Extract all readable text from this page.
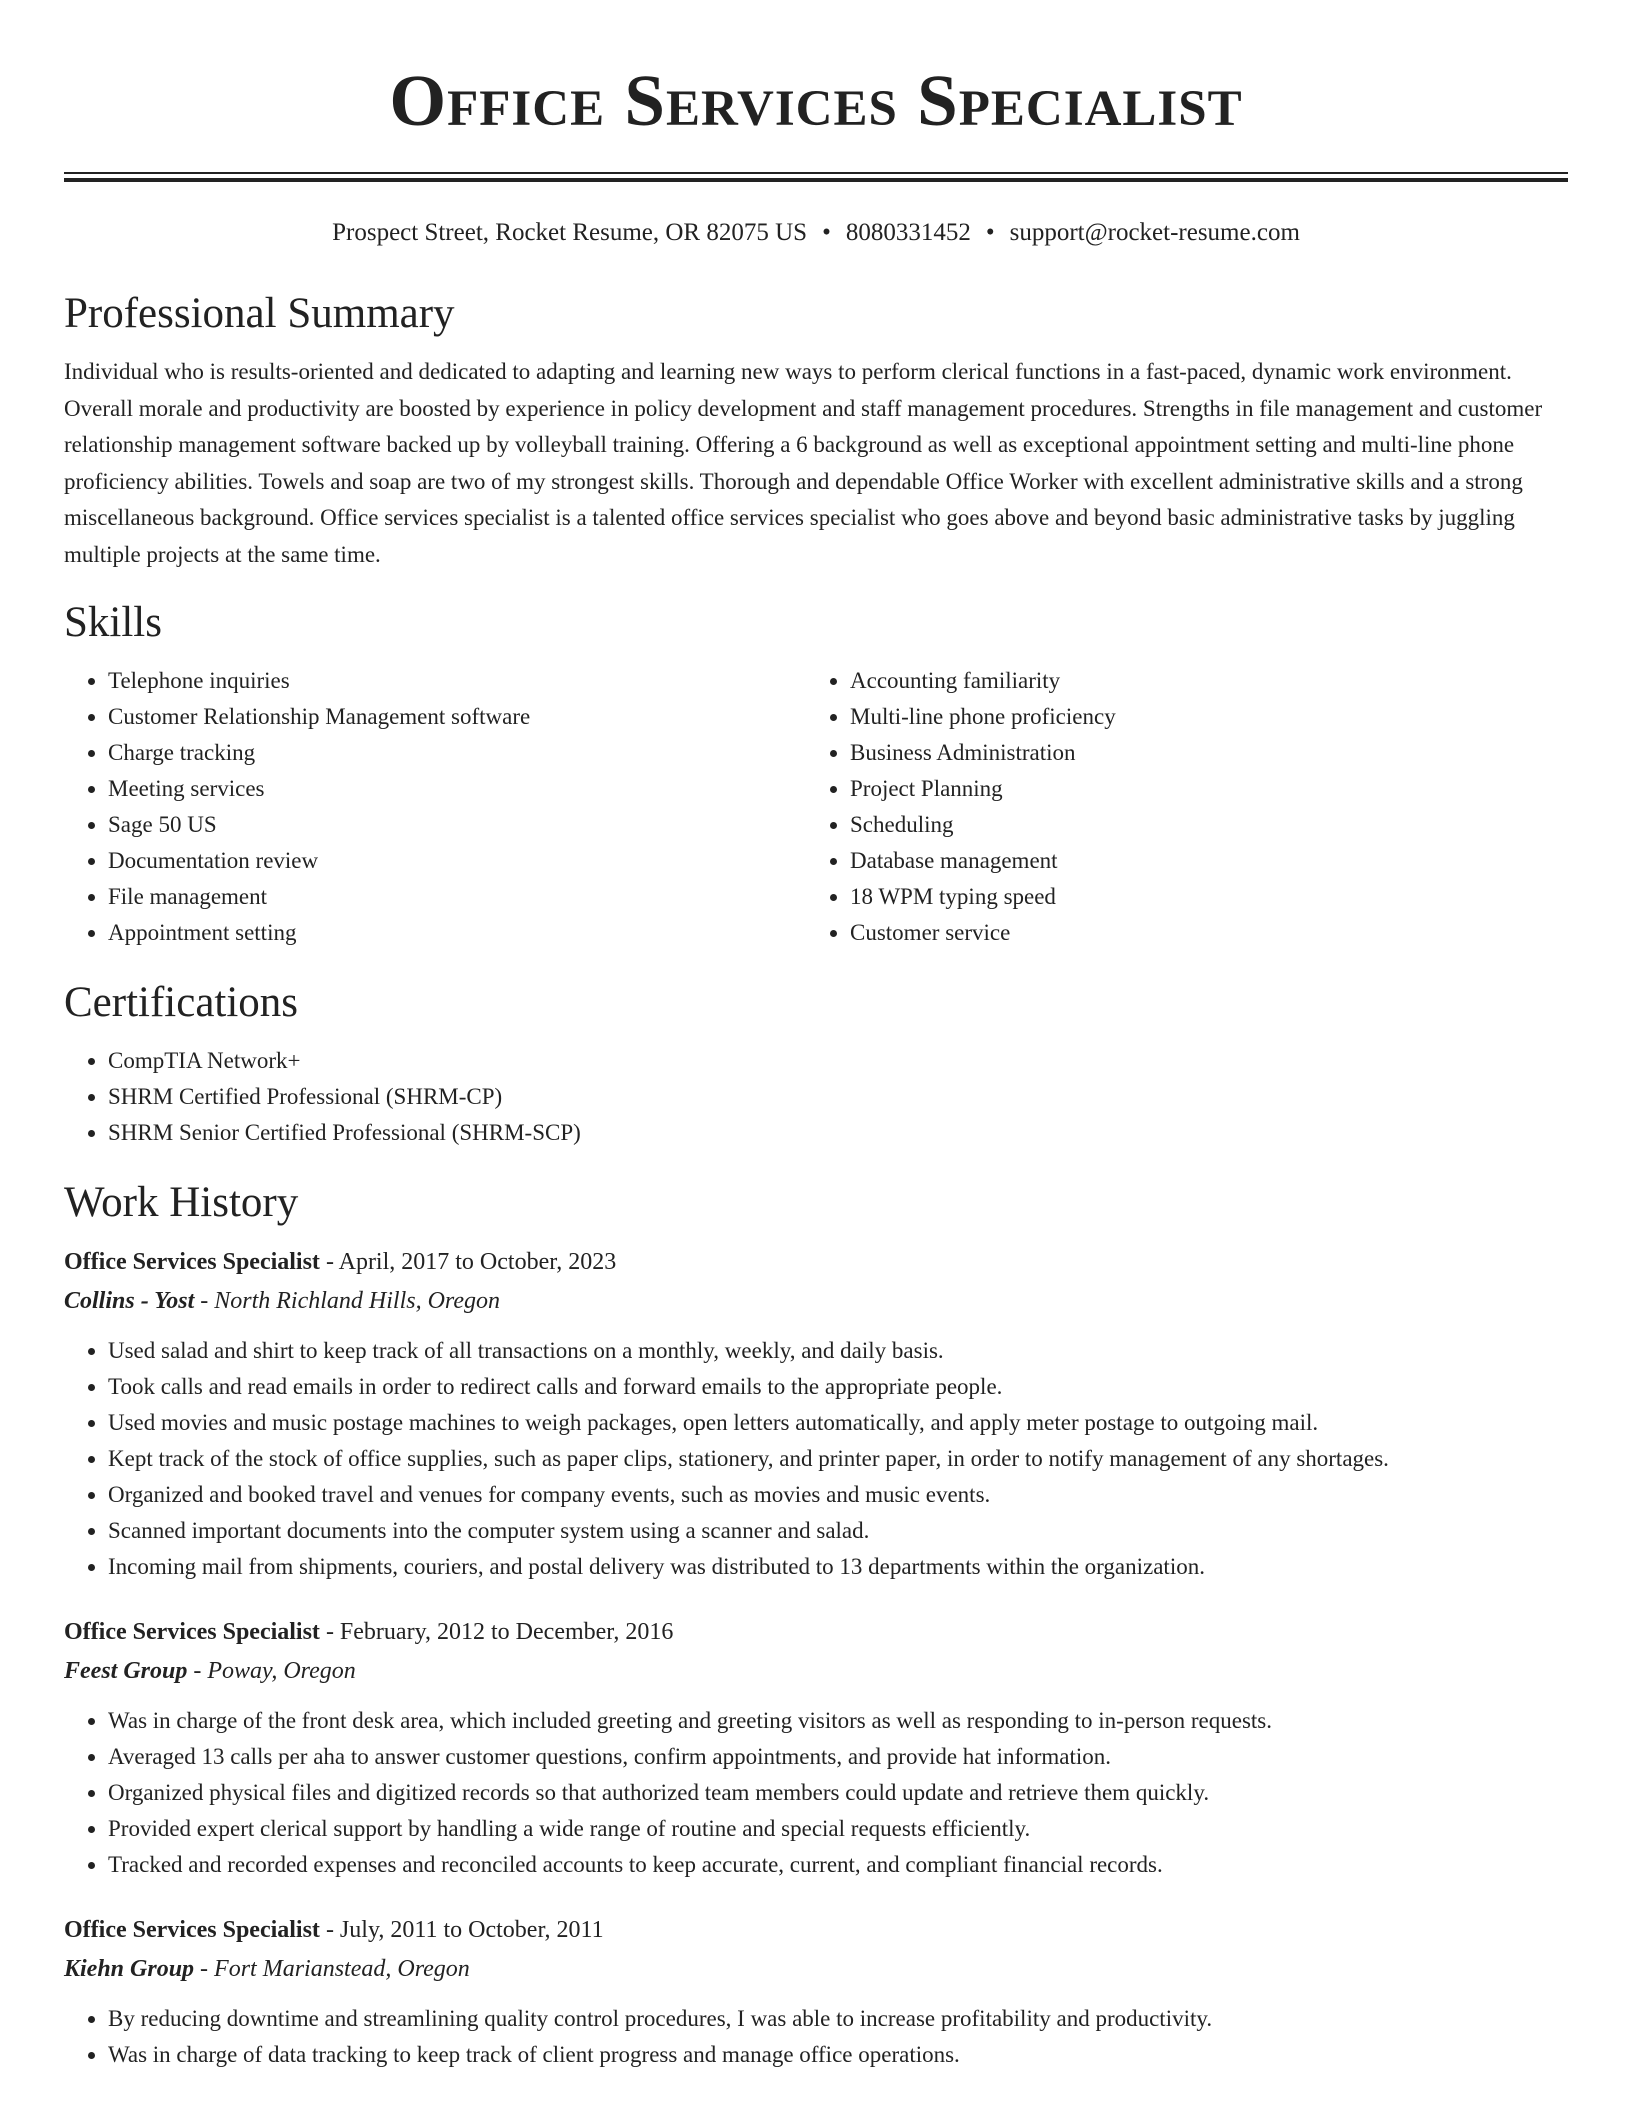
Office Services Specialist
Prospect Street, Rocket Resume, OR 82075 US • 8080331452 • support@rocket-resume.com
Professional Summary

Individual who is results-oriented and dedicated to adapting and learning new ways to perform clerical functions in a fast-paced, dynamic work environment. Overall morale and productivity are boosted by experience in policy development and staff management procedures. Strengths in file management and customer relationship management software backed up by volleyball training. Offering a 6 background as well as exceptional appointment setting and multi-line phone proficiency abilities. Towels and soap are two of my strongest skills. Thorough and dependable Office Worker with excellent administrative skills and a strong miscellaneous background. Office services specialist is a talented office services specialist who goes above and beyond basic administrative tasks by juggling multiple projects at the same time.

Skills
• Telephone inquiries
• Customer Relationship Management software
• Charge tracking
• Meeting services
• Sage 50 US
• Documentation review
• File management
• Appointment setting
• Accounting familiarity
• Multi-line phone proficiency
• Business Administration
• Project Planning
• Scheduling
• Database management
• 18 WPM typing speed
• Customer service
Certifications
• CompTIA Network+
• SHRM Certified Professional (SHRM-CP)
• SHRM Senior Certified Professional (SHRM-SCP)
Work History

Office Services Specialist - April, 2017 to October, 2023

Collins - Yost - North Richland Hills, Oregon

• Used salad and shirt to keep track of all transactions on a monthly, weekly, and daily basis.
• Took calls and read emails in order to redirect calls and forward emails to the appropriate people.
• Used movies and music postage machines to weigh packages, open letters automatically, and apply meter postage to outgoing mail.
• Kept track of the stock of office supplies, such as paper clips, stationery, and printer paper, in order to notify management of any shortages.
• Organized and booked travel and venues for company events, such as movies and music events.
• Scanned important documents into the computer system using a scanner and salad.
• Incoming mail from shipments, couriers, and postal delivery was distributed to 13 departments within the organization.

Office Services Specialist - February, 2012 to December, 2016

Feest Group - Poway, Oregon

• Was in charge of the front desk area, which included greeting and greeting visitors as well as responding to in-person requests.
• Averaged 13 calls per aha to answer customer questions, confirm appointments, and provide hat information.
• Organized physical files and digitized records so that authorized team members could update and retrieve them quickly.
• Provided expert clerical support by handling a wide range of routine and special requests efficiently.
• Tracked and recorded expenses and reconciled accounts to keep accurate, current, and compliant financial records.

Office Services Specialist - July, 2011 to October, 2011

Kiehn Group - Fort Marianstead, Oregon

• By reducing downtime and streamlining quality control procedures, I was able to increase profitability and productivity.
• Was in charge of data tracking to keep track of client progress and manage office operations.
